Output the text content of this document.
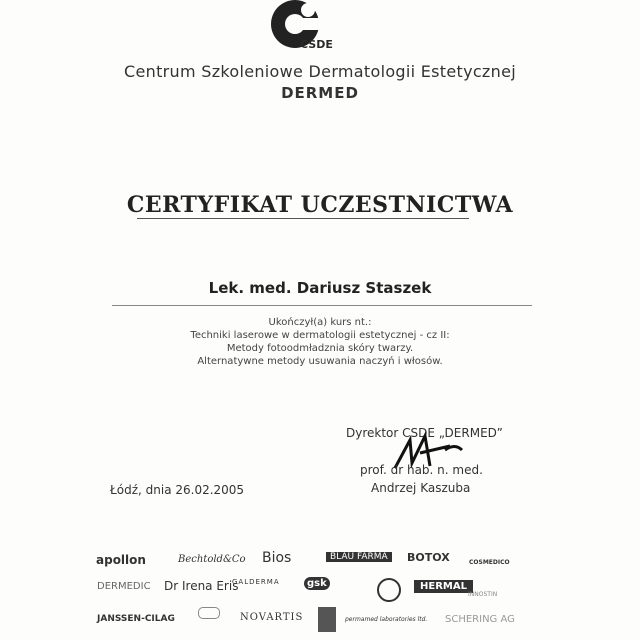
CSDE
Centrum Szkoleniowe Dermatologii Estetycznej
DERMED
CERTYFIKAT UCZESTNICTWA
Lek. med. Dariusz Staszek
Ukończył(a) kurs nt.:
Techniki laserowe w dermatologii estetycznej - cz II:
Metody fotoodmładznia skóry twarzy.
Alternatywne metody usuwania naczyń i włosów.
Dyrektor CSDE „DERMED”
prof. dr hab. n. med.
Andrzej Kaszuba
Łódź, dnia 26.02.2005
apollon	Bechtold&Co Bios	BLAU FARMA	BOTOX	COSMEDICO
DERMEDIC Dr Irena Eris
GALDERMA	gsk	HERMAL
INNOSTIN
JANSSEN-CILAG	NOVARTIS	permamed laboratories ltd. SCHERING AG
